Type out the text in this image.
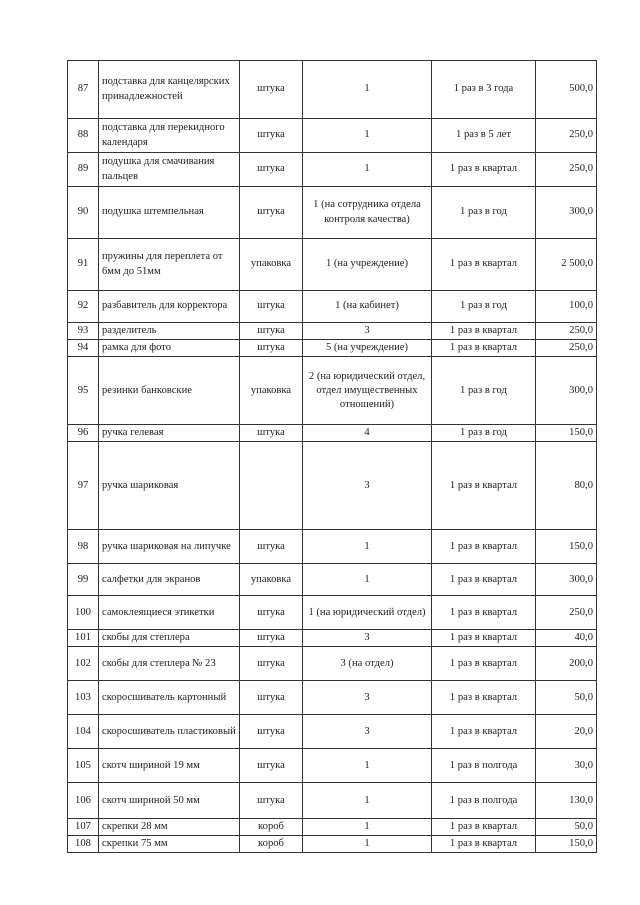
87	подставка для канцелярских принадлежностей	штука	1	1 раз в 3 года	500,0
88	подставка для перекидного календаря	штука	1	1 раз в 5 лет	250,0
89	подушка для смачивания пальцев	штука	1	1 раз в квартал	250,0
90	подушка штемпельная	штука	1 (на сотрудника отдела контроля качества)	1 раз в год	300,0
91	пружины для переплета от 6мм до 51мм	упаковка	1 (на учреждение)	1 раз в квартал	2 500,0
92	разбавитель для корректора	штука	1 (на кабинет)	1 раз в год	100,0
93	разделитель	штука	3	1 раз в квартал	250,0
94	рамка для фото	штука	5 (на учреждение)	1 раз в квартал	250,0
95	резинки банковские	упаковка	2 (на юридический отдел, отдел имущественных отношений)	1 раз в год	300,0
96	ручка гелевая	штука	4	1 раз в год	150,0
97	ручка шариковая		3	1 раз в квартал	80,0
98	ручка шариковая на липучке	штука	1	1 раз в квартал	150,0
99	салфетки для экранов	упаковка	1	1 раз в квартал	300,0
100	самоклеящиеся этикетки	штука	1 (на юридический отдел)	1 раз в квартал	250,0
101	скобы для степлера	штука	3	1 раз в квартал	40,0
102	скобы для степлера № 23	штука	3 (на отдел)	1 раз в квартал	200,0
103	скоросшиватель картонный	штука	3	1 раз в квартал	50,0
104	скоросшиватель пластиковый	штука	3	1 раз в квартал	20,0
105	скотч шириной 19 мм	штука	1	1 раз в полгода	30,0
106	скотч шириной 50 мм	штука	1	1 раз в полгода	130,0
107	скрепки 28 мм	короб	1	1 раз в квартал	50,0
108	скрепки 75 мм	короб	1	1 раз в квартал	150,0
